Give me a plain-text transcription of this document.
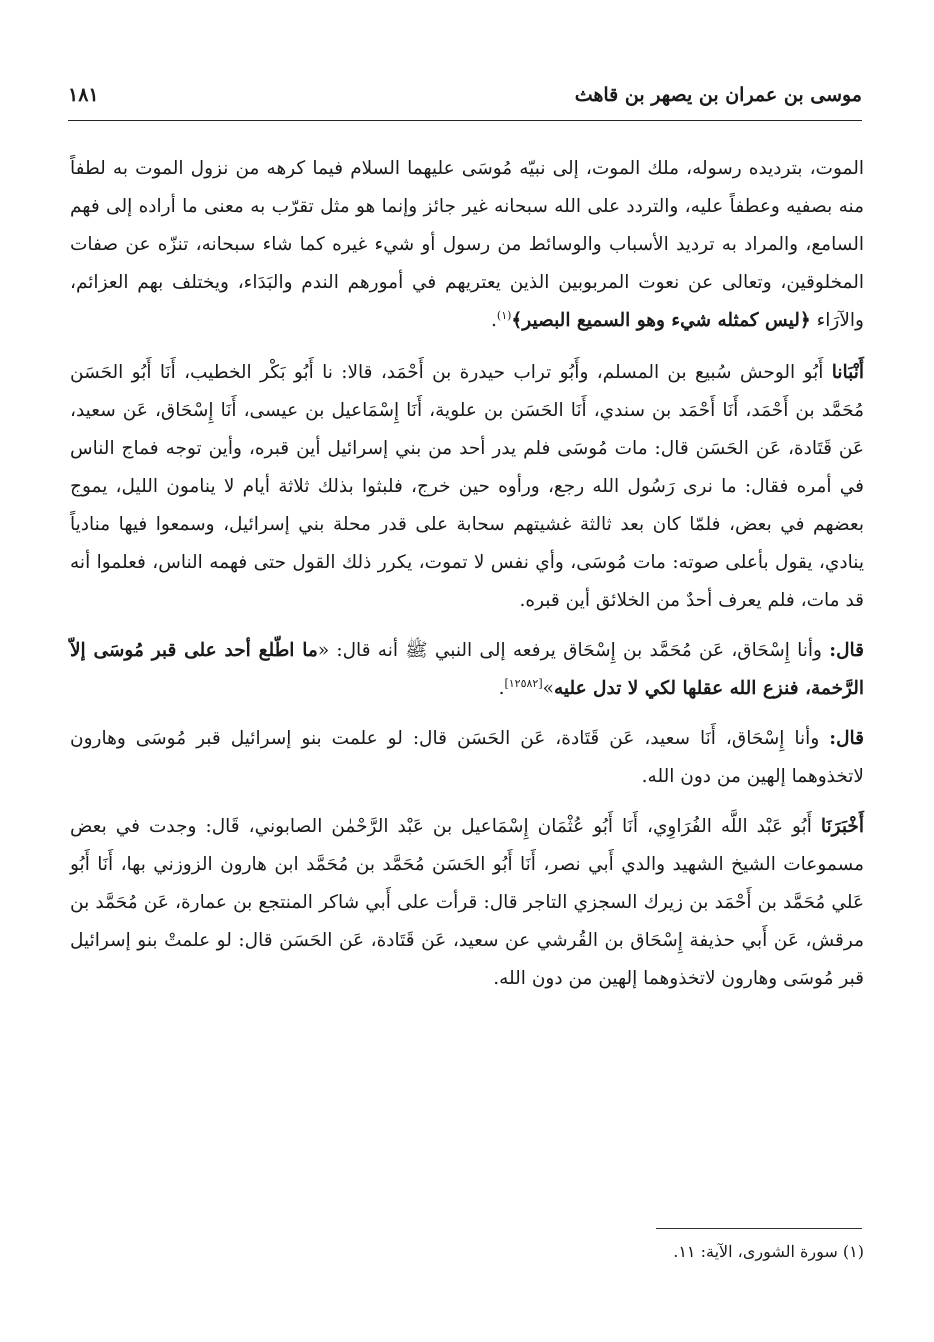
موسى بن عمران بن يصهر بن قاهث
١٨١

الموت، بترديده رسوله، ملك الموت، إلى نبيّه مُوسَى عليهما السلام فيما كرهه من نزول الموت به لطفاً منه بصفيه وعطفاً عليه، والتردد على الله سبحانه غير جائز وإنما هو مثل تقرّب به معنى ما أراده إلى فهم السامع، والمراد به ترديد الأسباب والوسائط من رسول أو شيء غيره كما شاء سبحانه، تنزّه عن صفات المخلوقين، وتعالى عن نعوت المربوبين الذين يعتريهم في أمورهم الندم والبَدَاء، ويختلف بهم العزائم، والآرَاء ﴿ليس كمثله شيء وهو السميع البصير﴾$^{(١)}$.

أَنْبَانا أَبُو الوحش سُبيع بن المسلم، وأَبُو تراب حيدرة بن أَحْمَد، قالا: نا أَبُو بَكْر الخطيب، أَنَا أَبُو الحَسَن مُحَمَّد بن أَحْمَد، أَنَا أَحْمَد بن سندي، أَنَا الحَسَن بن علوية، أَنَا إِسْمَاعيل بن عيسى، أَنَا إِسْحَاق، عَن سعيد، عَن قَتَادة، عَن الحَسَن قال: مات مُوسَى فلم يدر أحد من بني إسرائيل أين قبره، وأين توجه فماج الناس في أمره فقال: ما نرى رَسُول الله رجع، ورأوه حين خرج، فلبثوا بذلك ثلاثة أيام لا ينامون الليل، يموج بعضهم في بعض، فلمّا كان بعد ثالثة غشيتهم سحابة على قدر محلة بني إسرائيل، وسمعوا فيها منادياً ينادي، يقول بأعلى صوته: مات مُوسَى، وأي نفس لا تموت، يكرر ذلك القول حتى فهمه الناس، فعلموا أنه قد مات، فلم يعرف أحدٌ من الخلائق أين قبره.

قال: وأنا إِسْحَاق، عَن مُحَمَّد بن إِسْحَاق يرفعه إلى النبي ﷺ أنه قال: «ما اطّلع أحد على قبر مُوسَى إلاّ الرَّخمة، فنزع الله عقلها لكي لا تدل عليه»[١٢٥٨٢].

قال: وأنا إِسْحَاق، أَنَا سعيد، عَن قَتَادة، عَن الحَسَن قال: لو علمت بنو إسرائيل قبر مُوسَى وهارون لاتخذوهما إلهين من دون الله.

أَخْبَرَنَا أَبُو عَبْد اللَّه الفُرَاوِي، أَنَا أَبُو عُثْمَان إِسْمَاعيل بن عَبْد الرَّحْمٰن الصابوني، قَال: وجدت في بعض مسموعات الشيخ الشهيد والدي أَبي نصر، أَنَا أَبُو الحَسَن مُحَمَّد بن مُحَمَّد ابن هارون الزوزني بها، أَنَا أَبُو عَلي مُحَمَّد بن أَحْمَد بن زيرك السجزي التاجر قال: قرأت على أَبي شاكر المنتجع بن عمارة، عَن مُحَمَّد بن مرقش، عَن أَبي حذيفة إِسْحَاق بن القُرشي عن سعيد، عَن قَتَادة، عَن الحَسَن قال: لو علمتْ بنو إسرائيل قبر مُوسَى وهارون لاتخذوهما إلهين من دون الله.

(١) سورة الشورى، الآية: ١١.
